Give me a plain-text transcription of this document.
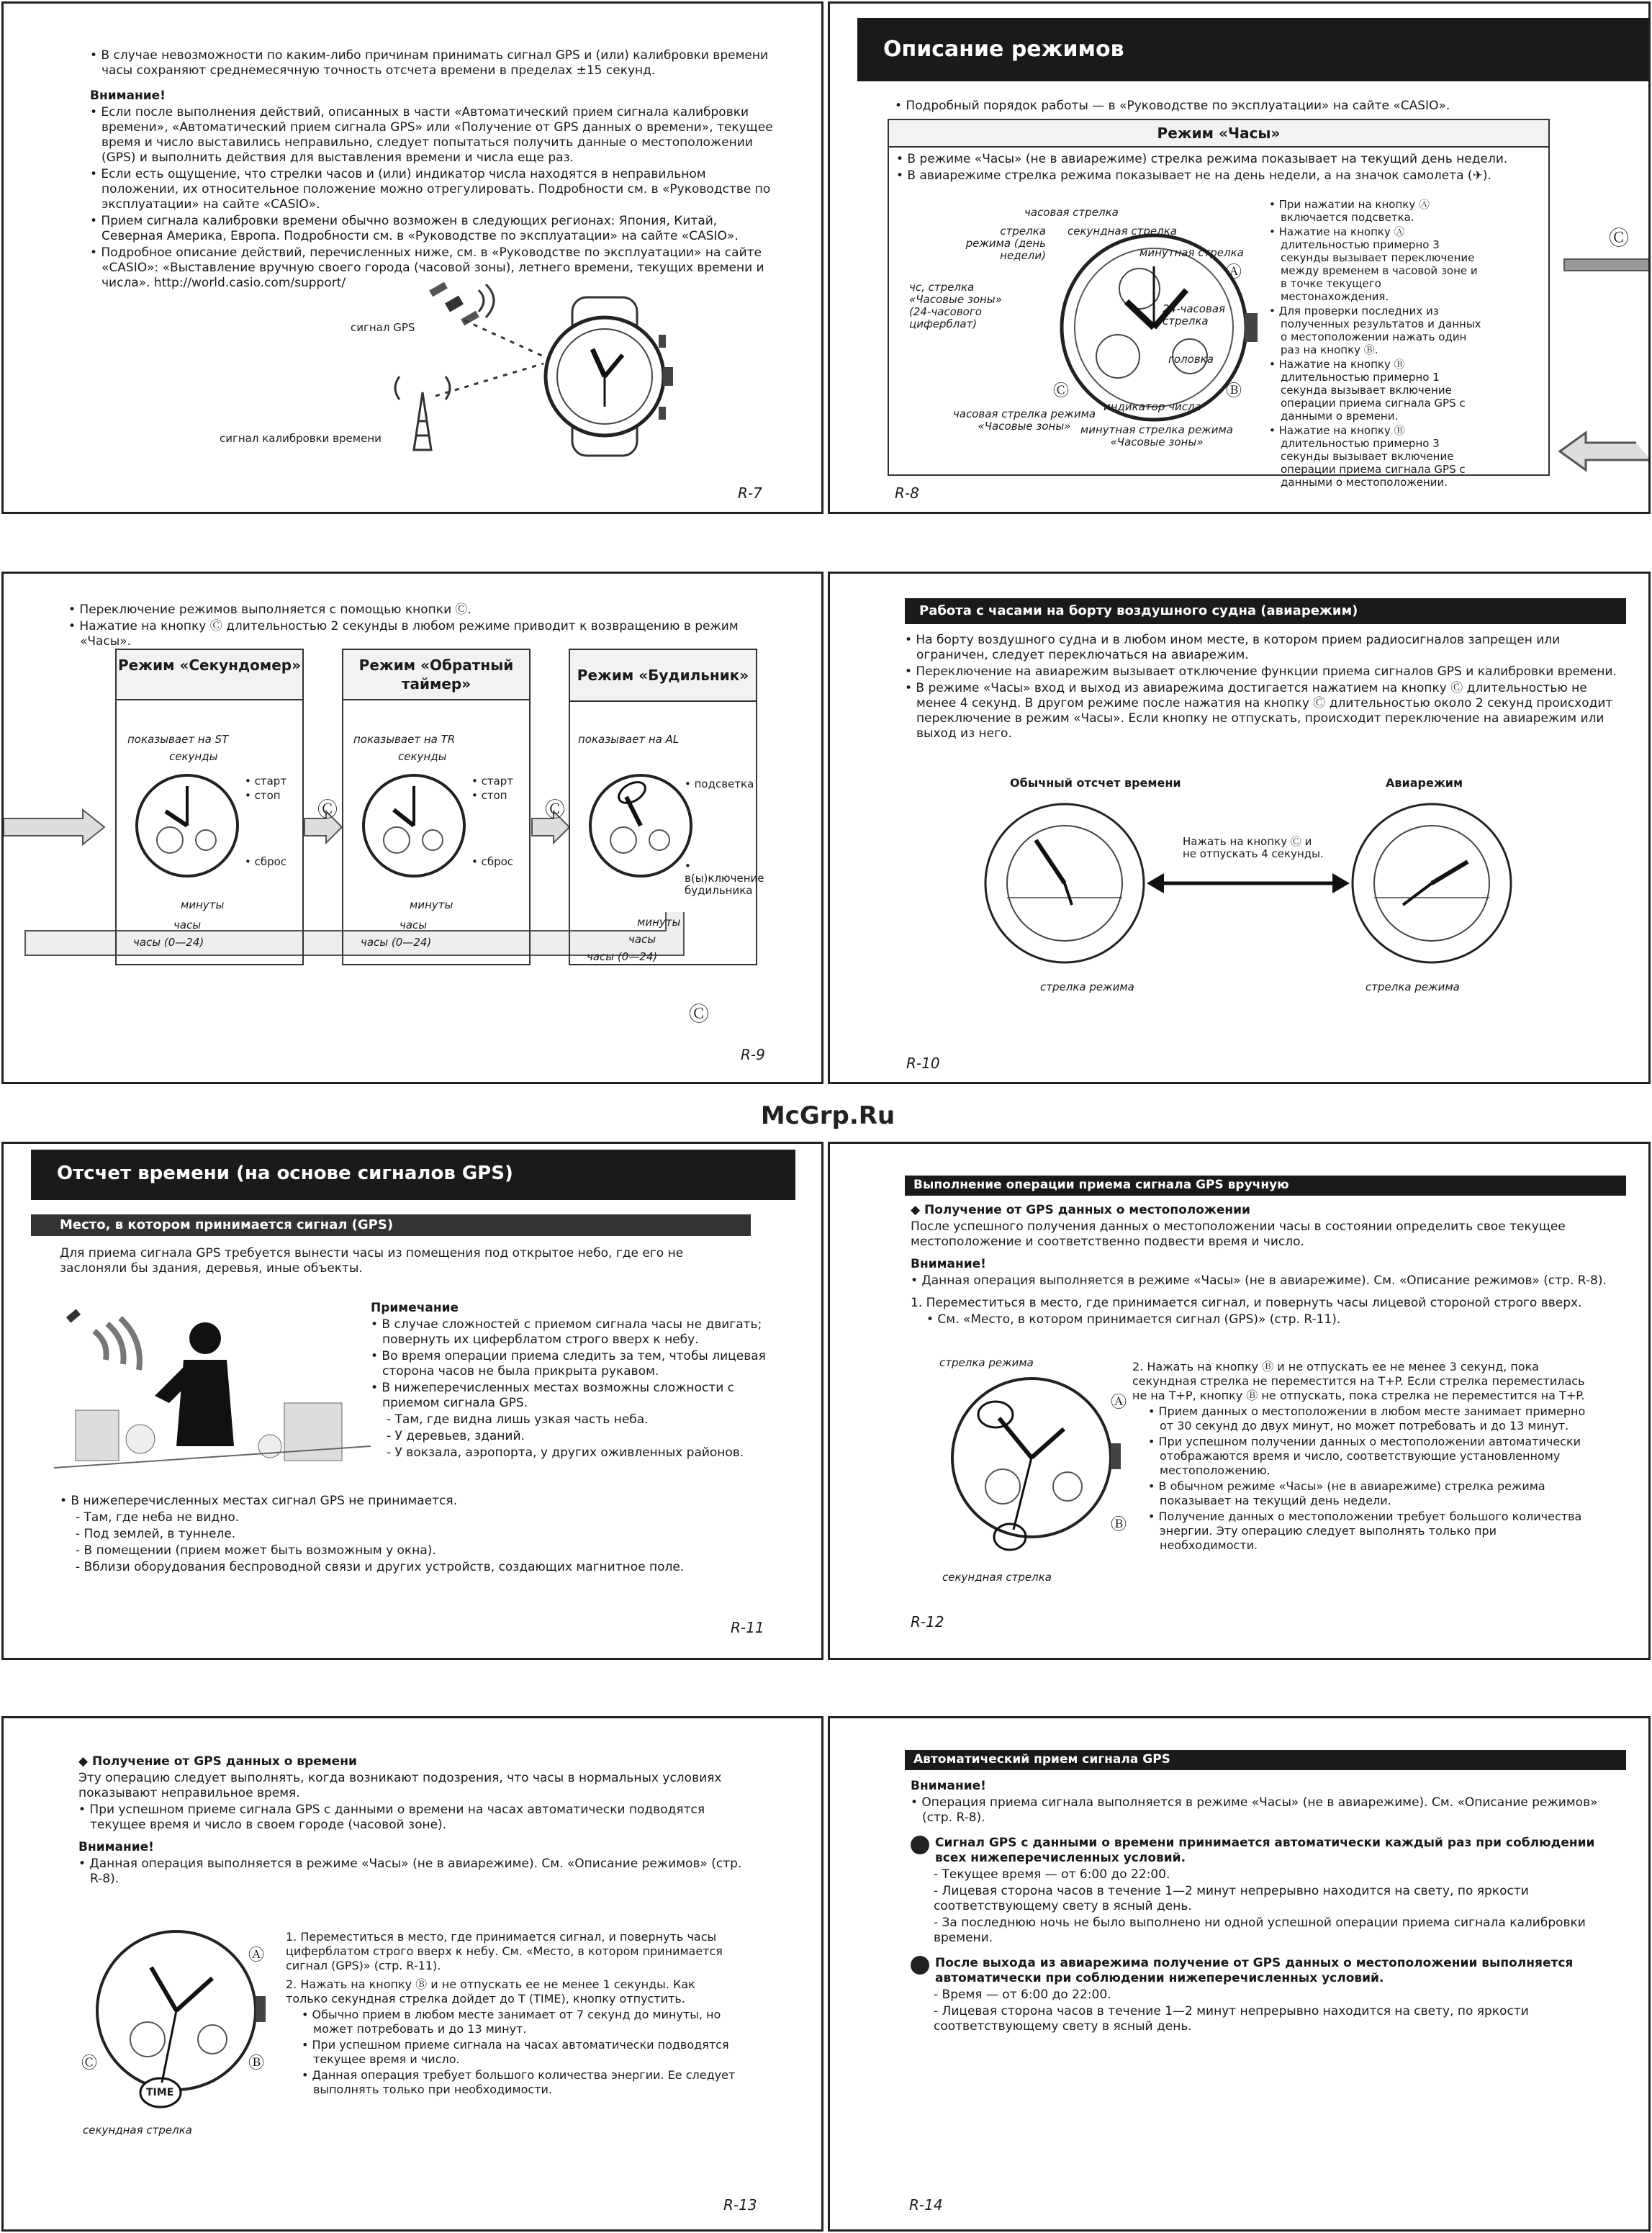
McGrp.Ru

• В случае невозможности по каким-либо причинам принимать сигнал GPS и (или) калибровки времени часы сохраняют среднемесячную точность отсчета времени в пределах ±15 секунд.

Внимание!

• Если после выполнения действий, описанных в части «Автоматический прием сигнала калибровки времени», «Автоматический прием сигнала GPS» или «Получение от GPS данных о времени», текущее время и число выставились неправильно, следует попытаться получить данные о местоположении (GPS) и выполнить действия для выставления времени и числа еще раз.

• Если есть ощущение, что стрелки часов и (или) индикатор числа находятся в неправильном положении, их относительное положение можно отрегулировать. Подробности см. в «Руководстве по эксплуатации» на сайте «CASIO».

• Прием сигнала калибровки времени обычно возможен в следующих регионах: Япония, Китай, Северная Америка, Европа. Подробности см. в «Руководстве по эксплуатации» на сайте «CASIO».

• Подробное описание действий, перечисленных ниже, см. в «Руководстве по эксплуатации» на сайте «CASIO»: «Выставление вручную своего города (часовой зоны), летнего времени, текущих времени и числа». http://world.casio.com/support/

сигнал GPS
сигнал калибровки времени
R-7
Описание режимов
• Подробный порядок работы — в «Руководстве по эксплуатации» на сайте «CASIO».
Режим «Часы»

• В режиме «Часы» (не в авиарежиме) стрелка режима показывает на текущий день недели.

• В авиарежиме стрелка режима показывает не на день недели, а на значок самолета (✈).

Ⓐ
Ⓑ
Ⓒ
часовая стрелка
стрелка режима (день недели)
секундная стрелка
минутная стрелка
чс, стрелка «Часовые зоны» (24-часового циферблат)
24-часовая стрелка
головка
индикатор числа
часовая стрелка режима «Часовые зоны» минутная стрелка режима «Часовые зоны»

• При нажатии на кнопку Ⓐ включается подсветка.

• Нажатие на кнопку Ⓐ длительностью примерно 3 секунды вызывает переключение между временем в часовой зоне и в точке текущего местонахождения.

• Для проверки последних из полученных результатов и данных о местоположении нажать один раз на кнопку Ⓑ.

• Нажатие на кнопку Ⓑ длительностью примерно 1 секунда вызывает включение операции приема сигнала GPS с данными о времени.

• Нажатие на кнопку Ⓑ длительностью примерно 3 секунды вызывает включение операции приема сигнала GPS с данными о местоположении.

Ⓒ
R-8

• Переключение режимов выполняется с помощью кнопки Ⓒ.

• Нажатие на кнопку Ⓒ длительностью 2 секунды в любом режиме приводит к возвращению в режим «Часы».

Режим «Секундомер»	Режим «Обратный таймер»	Режим «Будильник»
показывает на ST
секунды
• старт
• стоп
• сброс
минуты
часы
часы (0—24)
показывает на TR
секунды
• старт
• стоп
• сброс
минуты
часы
часы (0—24)
показывает на AL
• подсветка
• в(ы)ключение будильника
минуты
часы
часы (0—24)
Ⓒ	Ⓒ
Ⓒ
R-9
Работа с часами на борту воздушного судна (авиарежим)

• На борту воздушного судна и в любом ином месте, в котором прием радиосигналов запрещен или ограничен, следует переключаться на авиарежим.

• Переключение на авиарежим вызывает отключение функции приема сигналов GPS и калибровки времени.

• В режиме «Часы» вход и выход из авиарежима достигается нажатием на кнопку Ⓒ длительностью не менее 4 секунд. В другом режиме после нажатия на кнопку Ⓒ длительностью около 2 секунд происходит переключение в режим «Часы». Если кнопку не отпускать, происходит переключение на авиарежим или выход из него.

Обычный отсчет времени	Авиарежим
Нажать на кнопку Ⓒ и не отпускать 4 секунды.
стрелка режима	стрелка режима
R-10
Отсчет времени (на основе сигналов GPS)
Место, в котором принимается сигнал (GPS)
Для приема сигнала GPS требуется вынести часы из помещения под открытое небо, где его не заслоняли бы здания, деревья, иные объекты.

Примечание

• В случае сложностей с приемом сигнала часы не двигать; повернуть их циферблатом строго вверх к небу.

• Во время операции приема следить за тем, чтобы лицевая сторона часов не была прикрыта рукавом.

• В нижеперечисленных местах возможны сложности с приемом сигнала GPS.

- Там, где видна лишь узкая часть неба.

- У деревьев, зданий.

- У вокзала, аэропорта, у других оживленных районов.

• В нижеперечисленных местах сигнал GPS не принимается.

- Там, где неба не видно.

- Под землей, в туннеле.

- В помещении (прием может быть возможным у окна).

- Вблизи оборудования беспроводной связи и других устройств, создающих магнитное поле.

R-11
Выполнение операции приема сигнала GPS вручную

◆ Получение от GPS данных о местоположении

После успешного получения данных о местоположении часы в состоянии определить свое текущее местоположение и соответственно подвести время и число.

Внимание!

• Данная операция выполняется в режиме «Часы» (не в авиарежиме). См. «Описание режимов» (стр. R-8).

1. Переместиться в место, где принимается сигнал, и повернуть часы лицевой стороной строго вверх.

• См. «Место, в котором принимается сигнал (GPS)» (стр. R-11).

Ⓐ
Ⓑ
стрелка режима
секундная стрелка

2. Нажать на кнопку Ⓑ и не отпускать ее не менее 3 секунд, пока секундная стрелка не переместится на T+P. Если стрелка переместилась не на T+P, кнопку Ⓑ не отпускать, пока стрелка не переместится на T+P.

• Прием данных о местоположении в любом месте занимает примерно от 30 секунд до двух минут, но может потребовать и до 13 минут.

• При успешном получении данных о местоположении автоматически отображаются время и число, соответствующие установленному местоположению.

• В обычном режиме «Часы» (не в авиарежиме) стрелка режима показывает на текущий день недели.

• Получение данных о местоположении требует большого количества энергии. Эту операцию следует выполнять только при необходимости.

R-12

◆ Получение от GPS данных о времени

Эту операцию следует выполнять, когда возникают подозрения, что часы в нормальных условиях показывают неправильное время.

• При успешном приеме сигнала GPS с данными о времени на часах автоматически подводятся текущее время и число в своем городе (часовой зоне).

Внимание!

• Данная операция выполняется в режиме «Часы» (не в авиарежиме). См. «Описание режимов» (стр. R-8).

Ⓐ
Ⓑ
Ⓒ
TIME
секундная стрелка

1. Переместиться в место, где принимается сигнал, и повернуть часы циферблатом строго вверх к небу. См. «Место, в котором принимается сигнал (GPS)» (стр. R-11).

2. Нажать на кнопку Ⓑ и не отпускать ее не менее 1 секунды. Как только секундная стрелка дойдет до T (TIME), кнопку отпустить.

• Обычно прием в любом месте занимает от 7 секунд до минуты, но может потребовать и до 13 минут.

• При успешном приеме сигнала на часах автоматически подводятся текущее время и число.

• Данная операция требует большого количества энергии. Ее следует выполнять только при необходимости.

R-13
Автоматический прием сигнала GPS

Внимание!

• Операция приема сигнала выполняется в режиме «Часы» (не в авиарежиме). См. «Описание режимов» (стр. R-8).

Сигнал GPS с данными о времени принимается автоматически каждый раз при соблюдении всех нижеперечисленных условий.

- Текущее время — от 6:00 до 22:00.

- Лицевая сторона часов в течение 1—2 минут непрерывно находится на свету, по яркости соответствующему свету в ясный день.

- За последнюю ночь не было выполнено ни одной успешной операции приема сигнала калибровки времени.

После выхода из авиарежима получение от GPS данных о местоположении выполняется автоматически при соблюдении нижеперечисленных условий.

- Время — от 6:00 до 22:00.

- Лицевая сторона часов в течение 1—2 минут непрерывно находится на свету, по яркости соответствующему свету в ясный день.

R-14
